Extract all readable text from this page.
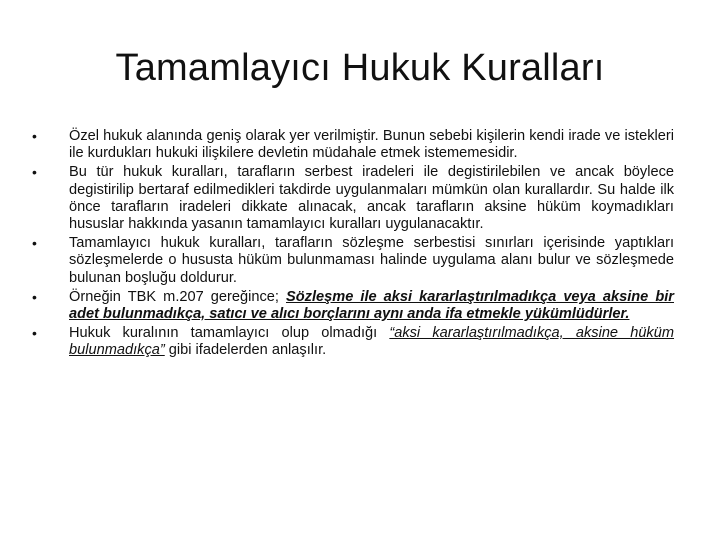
Tamamlayıcı Hukuk Kuralları
•	Özel hukuk alanında geniş olarak yer verilmiştir. Bunun sebebi kişilerin kendi irade ve istekleri ile kurdukları hukuki ilişkilere devletin müdahale etmek istememesidir.
•	Bu tür hukuk kuralları, tarafların serbest iradeleri ile degistirilebilen ve ancak böylece degistirilip bertaraf edilmedikleri takdirde uygulanmaları mümkün olan kurallardır. Su halde ilk önce tarafların iradeleri dikkate alınacak, ancak tarafların aksine hüküm koymadıkları hususlar hakkında yasanın tamamlayıcı kuralları uygulanacaktır.
•	Tamamlayıcı hukuk kuralları, tarafların sözleşme serbestisi sınırları içerisinde yaptıkları sözleşmelerde o hususta hüküm bulunmaması halinde uygulama alanı bulur ve sözleşmede bulunan boşluğu doldurur.
•	Örneğin TBK m.207 gereğince; Sözleşme ile aksi kararlaştırılmadıkça veya aksine bir adet bulunmadıkça, satıcı ve alıcı borçlarını aynı anda ifa etmekle yükümlüdürler.
•	Hukuk kuralının tamamlayıcı olup olmadığı “aksi kararlaştırılmadıkça, aksine hüküm bulunmadıkça” gibi ifadelerden anlaşılır.
